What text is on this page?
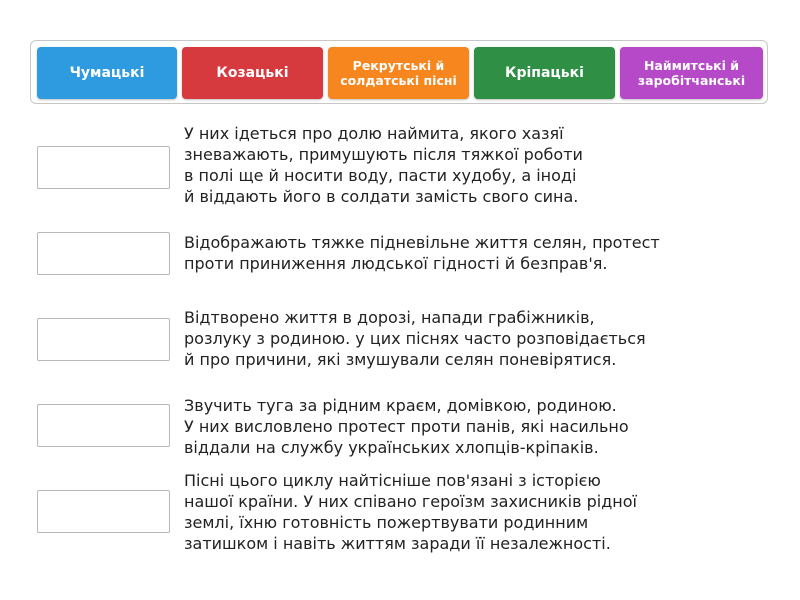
Чумацькі	Козацькі	Рекрутські й
солдатські пісні	Кріпацькі	Наймитські й
заробітчанські
У них ідеться про долю наймита, якого хазяї
зневажають, примушують після тяжкої роботи
в полі ще й носити воду, пасти худобу, а іноді
й віддають його в солдати замість свого сина.
Відображають тяжке підневільне життя селян, протест
проти приниження людської гідності й безправ'я.
Відтворено життя в дорозі, напади грабіжників,
розлуку з родиною. у цих піснях часто розповідається
й про причини, які змушували селян поневірятися.
Звучить туга за рідним краєм, домівкою, родиною.
У них висловлено протест проти панів, які насильно
віддали на службу українських хлопців-кріпаків.
Пісні цього циклу найтісніше пов'язані з історією
нашої країни. У них співано героїзм захисників рідної
землі, їхню готовність пожертвувати родинним
затишком і навіть життям заради її незалежності.
